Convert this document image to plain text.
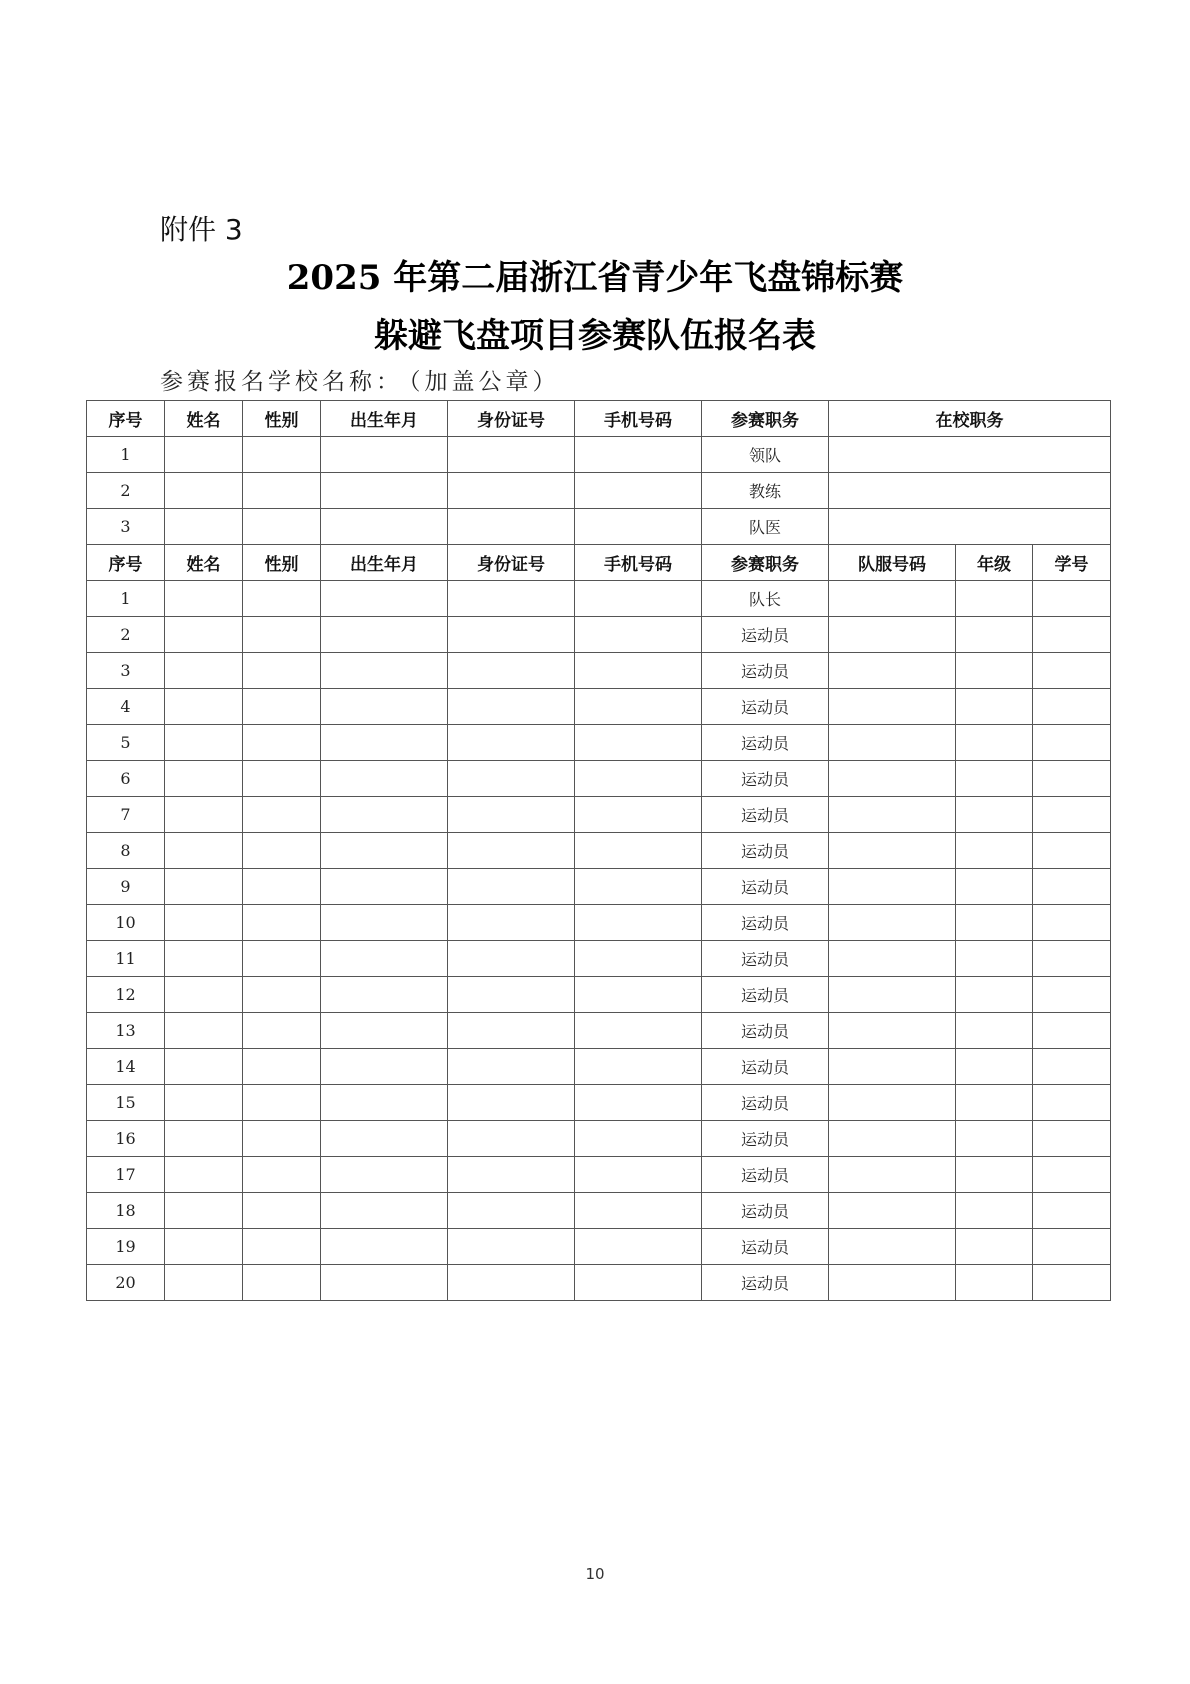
附件 3
2025 年第二届浙江省青少年飞盘锦标赛
躲避飞盘项目参赛队伍报名表
参赛报名学校名称： （加盖公章）
序号	姓名	性别	出生年月	身份证号	手机号码	参赛职务	在校职务		
1						领队			
2						教练			
3						队医			
序号	姓名	性别	出生年月	身份证号	手机号码	参赛职务	队服号码	年级	学号
1						队长			
2						运动员			
3						运动员			
4						运动员			
5						运动员			
6						运动员			
7						运动员			
8						运动员			
9						运动员			
10						运动员			
11						运动员			
12						运动员			
13						运动员			
14						运动员			
15						运动员			
16						运动员			
17						运动员			
18						运动员			
19						运动员			
20						运动员			
10
